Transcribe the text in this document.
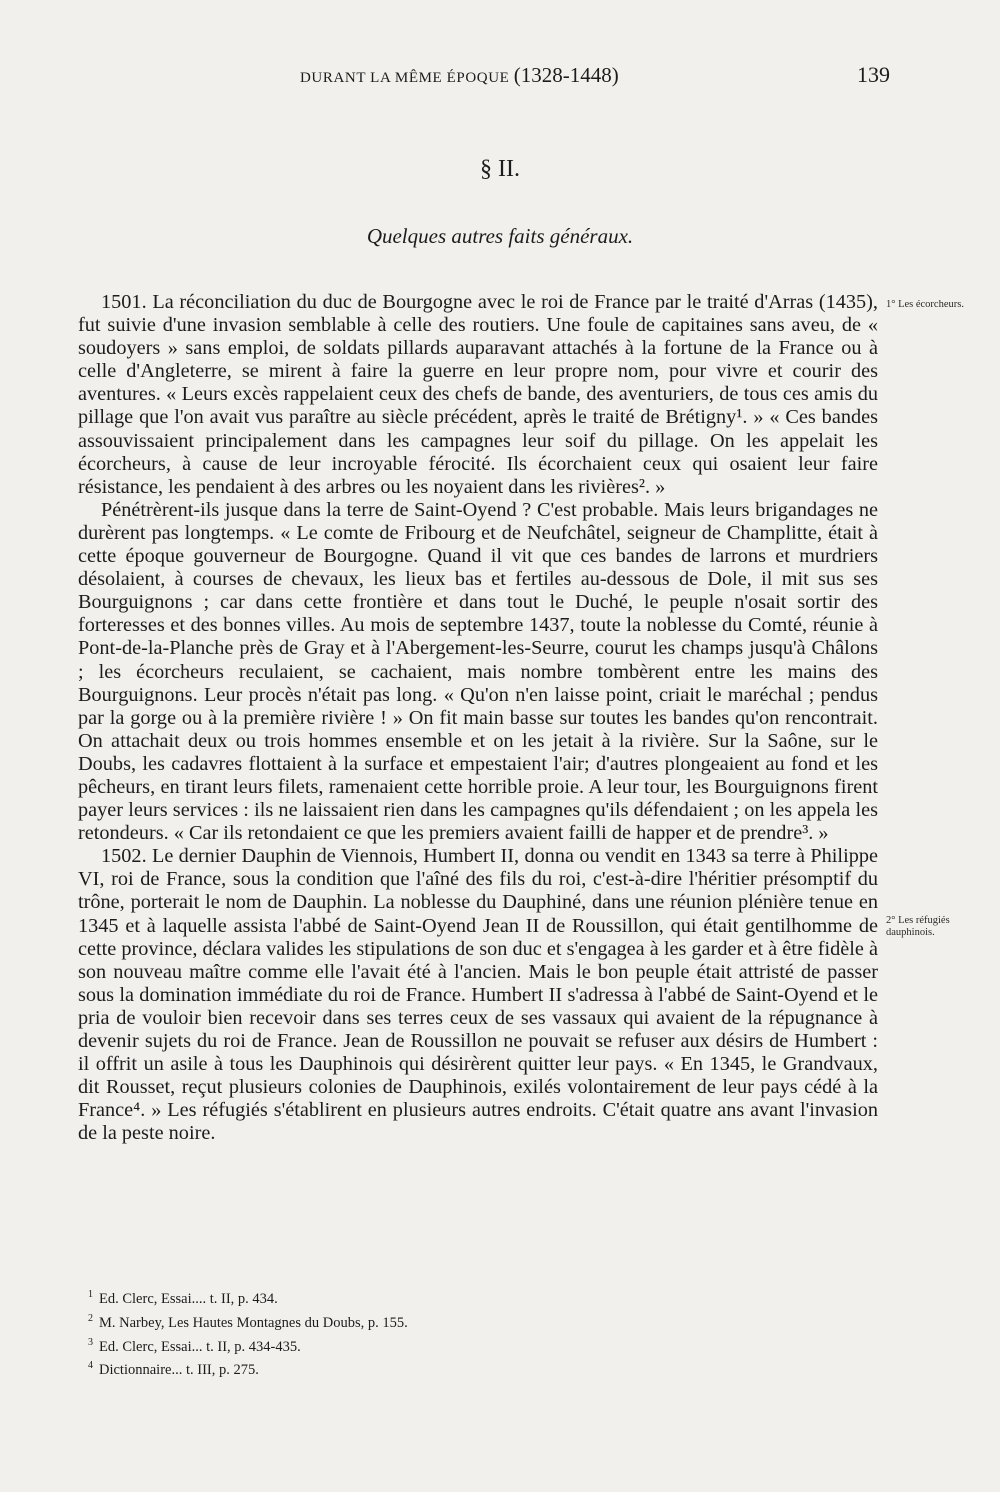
DURANT LA MÊME ÉPOQUE (1328-1448)	139
§ II.
Quelques autres faits généraux.

1501. La réconciliation du duc de Bourgogne avec le roi de France par le traité d'Arras (1435), fut suivie d'une invasion semblable à celle des routiers. Une foule de capitaines sans aveu, de « soudoyers » sans emploi, de soldats pillards auparavant attachés à la fortune de la France ou à celle d'Angleterre, se mirent à faire la guerre en leur propre nom, pour vivre et courir des aventures. « Leurs excès rappelaient ceux des chefs de bande, des aventuriers, de tous ces amis du pillage que l'on avait vus paraître au siècle précédent, après le traité de Brétigny¹. » « Ces bandes assouvissaient principalement dans les campagnes leur soif du pillage. On les appelait les écorcheurs, à cause de leur incroyable férocité. Ils écorchaient ceux qui osaient leur faire résistance, les pendaient à des arbres ou les noyaient dans les rivières². »

Pénétrèrent-ils jusque dans la terre de Saint-Oyend ? C'est probable. Mais leurs brigandages ne durèrent pas longtemps. « Le comte de Fribourg et de Neufchâtel, seigneur de Champlitte, était à cette époque gouverneur de Bourgogne. Quand il vit que ces bandes de larrons et murdriers désolaient, à courses de chevaux, les lieux bas et fertiles au-dessous de Dole, il mit sus ses Bourguignons ; car dans cette frontière et dans tout le Duché, le peuple n'osait sortir des forteresses et des bonnes villes. Au mois de septembre 1437, toute la noblesse du Comté, réunie à Pont-de-la-Planche près de Gray et à l'Abergement-les-Seurre, courut les champs jusqu'à Châlons ; les écorcheurs reculaient, se cachaient, mais nombre tombèrent entre les mains des Bourguignons. Leur procès n'était pas long. « Qu'on n'en laisse point, criait le maréchal ; pendus par la gorge ou à la première rivière ! » On fit main basse sur toutes les bandes qu'on rencontrait. On attachait deux ou trois hommes ensemble et on les jetait à la rivière. Sur la Saône, sur le Doubs, les cadavres flottaient à la surface et empestaient l'air; d'autres plongeaient au fond et les pêcheurs, en tirant leurs filets, ramenaient cette horrible proie. A leur tour, les Bourguignons firent payer leurs services : ils ne laissaient rien dans les campagnes qu'ils défendaient ; on les appela les retondeurs. « Car ils retondaient ce que les premiers avaient failli de happer et de prendre³. »

1502. Le dernier Dauphin de Viennois, Humbert II, donna ou vendit en 1343 sa terre à Philippe VI, roi de France, sous la condition que l'aîné des fils du roi, c'est-à-dire l'héritier présomptif du trône, porterait le nom de Dauphin. La noblesse du Dauphiné, dans une réunion plénière tenue en 1345 et à laquelle assista l'abbé de Saint-Oyend Jean II de Roussillon, qui était gentilhomme de cette province, déclara valides les stipulations de son duc et s'engagea à les garder et à être fidèle à son nouveau maître comme elle l'avait été à l'ancien. Mais le bon peuple était attristé de passer sous la domination immédiate du roi de France. Humbert II s'adressa à l'abbé de Saint-Oyend et le pria de vouloir bien recevoir dans ses terres ceux de ses vassaux qui avaient de la répugnance à devenir sujets du roi de France. Jean de Roussillon ne pouvait se refuser aux désirs de Humbert : il offrit un asile à tous les Dauphinois qui désirèrent quitter leur pays. « En 1345, le Grandvaux, dit Rousset, reçut plusieurs colonies de Dauphinois, exilés volontairement de leur pays cédé à la France⁴. » Les réfugiés s'établirent en plusieurs autres endroits. C'était quatre ans avant l'invasion de la peste noire.

1° Les écorcheurs.
2° Les réfugiés dauphinois.

$^1$ Ed. Clerc, Essai.... t. II, p. 434.

$^2$ M. Narbey, Les Hautes Montagnes du Doubs, p. 155.

$^3$ Ed. Clerc, Essai... t. II, p. 434-435.

$^4$ Dictionnaire... t. III, p. 275.
